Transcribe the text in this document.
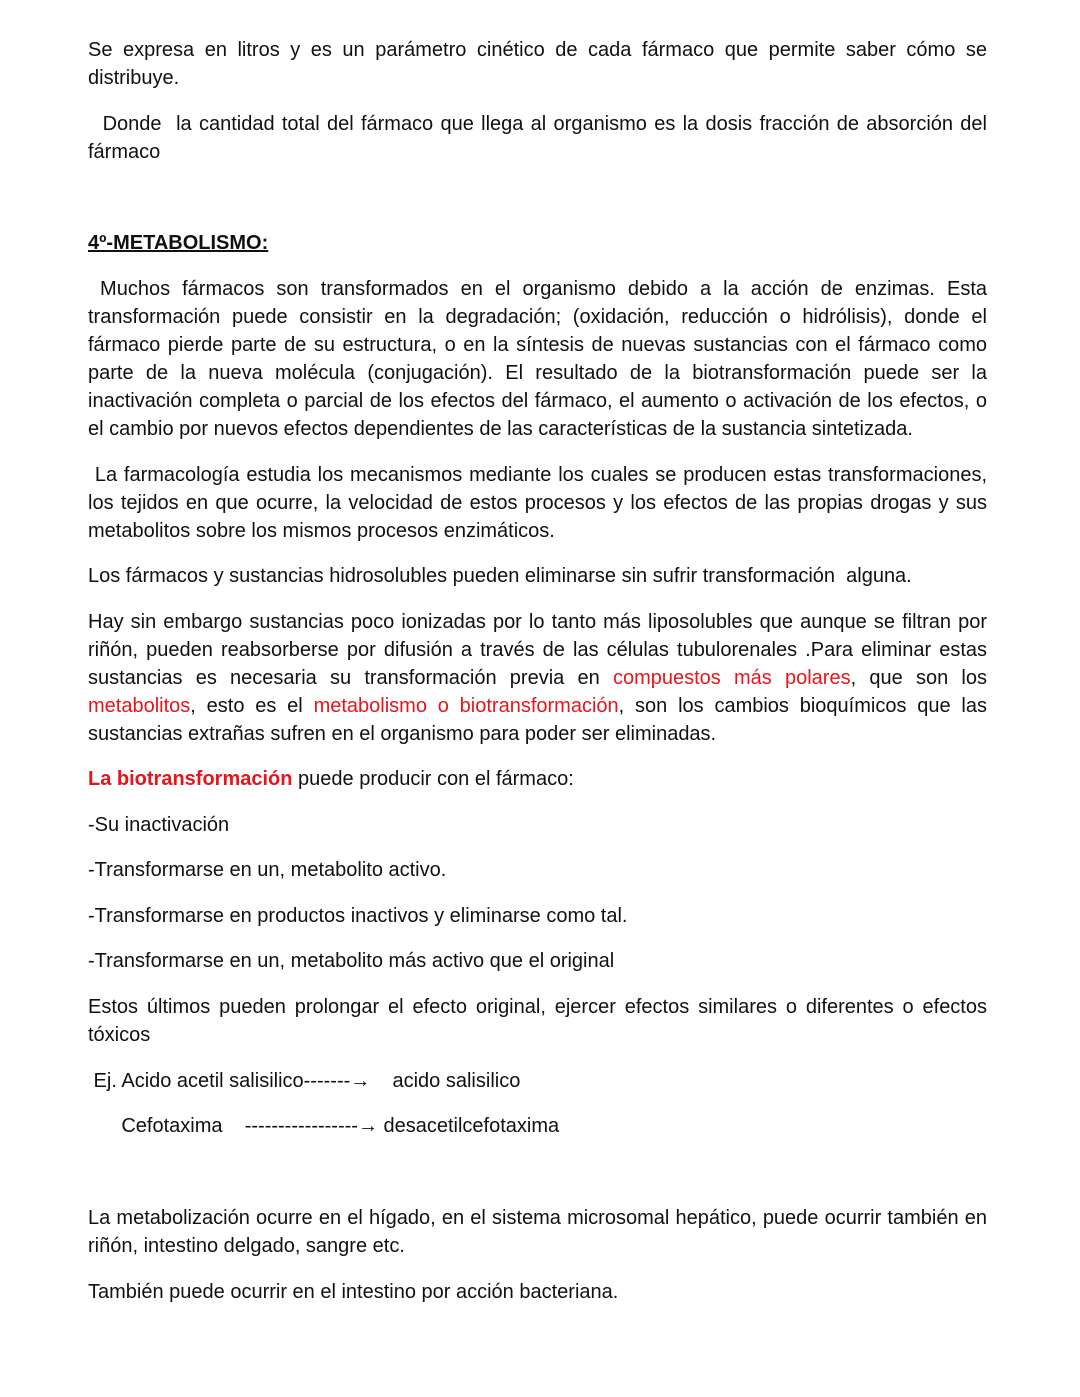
Se expresa en litros y es un parámetro cinético de cada fármaco que permite saber cómo se distribuye.
Donde  la cantidad total del fármaco que llega al organismo es la dosis fracción de absorción del fármaco
4º-METABOLISMO:
Muchos fármacos son transformados en el organismo debido a la acción de enzimas. Esta transformación puede consistir en la degradación; (oxidación, reducción o hidrólisis), donde el fármaco pierde parte de su estructura, o en la síntesis de nuevas sustancias con el fármaco como parte de la nueva molécula (conjugación). El resultado de la biotransformación puede ser la inactivación completa o parcial de los efectos del fármaco, el aumento o activación de los efectos, o el cambio por nuevos efectos dependientes de las características de la sustancia sintetizada.
La farmacología estudia los mecanismos mediante los cuales se producen estas transformaciones, los tejidos en que ocurre, la velocidad de estos procesos y los efectos de las propias drogas y sus metabolitos sobre los mismos procesos enzimáticos.
Los fármacos y sustancias hidrosolubles pueden eliminarse sin sufrir transformación  alguna.
Hay sin embargo sustancias poco ionizadas por lo tanto más liposolubles que aunque se filtran por riñón, pueden reabsorberse por difusión a través de las células tubulorenales .Para eliminar estas sustancias es necesaria su transformación previa en compuestos más polares, que son los metabolitos, esto es el metabolismo o biotransformación, son los cambios bioquímicos que las sustancias extrañas sufren en el organismo para poder ser eliminadas.
La biotransformación puede producir con el fármaco:
-Su inactivación
-Transformarse en un, metabolito activo.
-Transformarse en productos inactivos y eliminarse como tal.
-Transformarse en un, metabolito más activo que el original
Estos últimos pueden prolongar el efecto original, ejercer efectos similares o diferentes o efectos tóxicos
Ej. Acido acetil salisilico-------→    acido salisilico
Cefotaxima    -----------------→ desacetilcefotaxima
La metabolización ocurre en el hígado, en el sistema microsomal hepático, puede ocurrir también en riñón, intestino delgado, sangre etc.
También puede ocurrir en el intestino por acción bacteriana.
